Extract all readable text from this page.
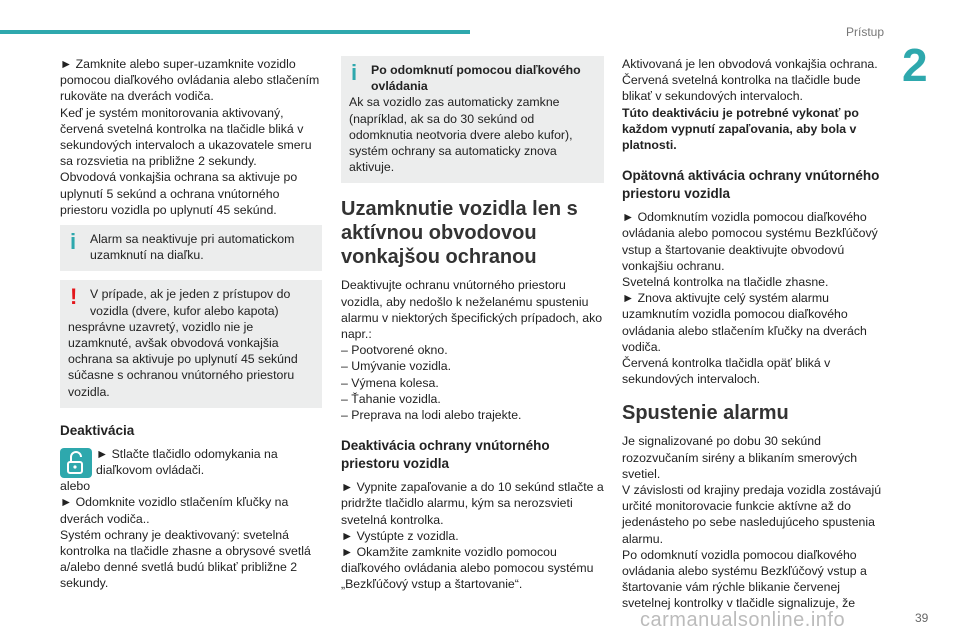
Prístup
2

► Zamknite alebo super-uzamknite vozidlo pomocou diaľkového ovládania alebo stlačením rukoväte na dverách vodiča.

Keď je systém monitorovania aktivovaný, červená svetelná kontrolka na tlačidle bliká v sekundových intervaloch a ukazovatele smeru sa rozsvietia na približne 2 sekundy.

Obvodová vonkajšia ochrana sa aktivuje po uplynutí 5 sekúnd a ochrana vnútorného priestoru vozidla po uplynutí 45 sekúnd.

i Alarm sa neaktivuje pri automatickom uzamknutí na diaľku.

! V prípade, ak je jeden z prístupov do vozidla (dvere, kufor alebo kapota)

nesprávne uzavretý, vozidlo nie je uzamknuté, avšak obvodová vonkajšia ochrana sa aktivuje po uplynutí 45 sekúnd súčasne s ochranou vnútorného priestoru vozidla.

Deaktivácia

► Stlačte tlačidlo odomykania na diaľkovom ovládači.

alebo

► Odomknite vozidlo stlačením kľučky na dverách vodiča..

Systém ochrany je deaktivovaný: svetelná kontrolka na tlačidle zhasne a obrysové svetlá a/alebo denné svetlá budú blikať približne 2 sekundy.

i Po odomknutí pomocou diaľkového ovládania

Ak sa vozidlo zas automaticky zamkne (napríklad, ak sa do 30 sekúnd od odomknutia neotvoria dvere alebo kufor), systém ochrany sa automaticky znova aktivuje.

Uzamknutie vozidla len s aktívnou obvodovou vonkajšou ochranou

Deaktivujte ochranu vnútorného priestoru vozidla, aby nedošlo k neželanému spusteniu alarmu v niektorých špecifických prípadoch, ako napr.:

– Pootvorené okno.

– Umývanie vozidla.

– Výmena kolesa.

– Ťahanie vozidla.

– Preprava na lodi alebo trajekte.

Deaktivácia ochrany vnútorného priestoru vozidla

► Vypnite zapaľovanie a do 10 sekúnd stlačte a pridržte tlačidlo alarmu, kým sa nerozsvieti svetelná kontrolka.

► Vystúpte z vozidla.

► Okamžite zamknite vozidlo pomocou diaľkového ovládania alebo pomocou systému „Bezkľúčový vstup a štartovanie“.

Aktivovaná je len obvodová vonkajšia ochrana. Červená svetelná kontrolka na tlačidle bude blikať v sekundových intervaloch.

Túto deaktiváciu je potrebné vykonať po každom vypnutí zapaľovania, aby bola v platnosti.

Opätovná aktivácia ochrany vnútorného priestoru vozidla

► Odomknutím vozidla pomocou diaľkového ovládania alebo pomocou systému Bezkľúčový vstup a štartovanie deaktivujte obvodovú vonkajšiu ochranu.

Svetelná kontrolka na tlačidle zhasne.

► Znova aktivujte celý systém alarmu uzamknutím vozidla pomocou diaľkového ovládania alebo stlačením kľučky na dverách vodiča.

Červená kontrolka tlačidla opäť bliká v sekundových intervaloch.

Spustenie alarmu

Je signalizované po dobu 30 sekúnd rozozvučaním sirény a blikaním smerových svetiel.

V závislosti od krajiny predaja vozidla zostávajú určité monitorovacie funkcie aktívne až do jedenásteho po sebe nasledujúceho spustenia alarmu.

Po odomknutí vozidla pomocou diaľkového ovládania alebo systému Bezkľúčový vstup a štartovanie vám rýchle blikanie červenej svetelnej kontrolky v tlačidle signalizuje, že

carmanualsonline.info	39
